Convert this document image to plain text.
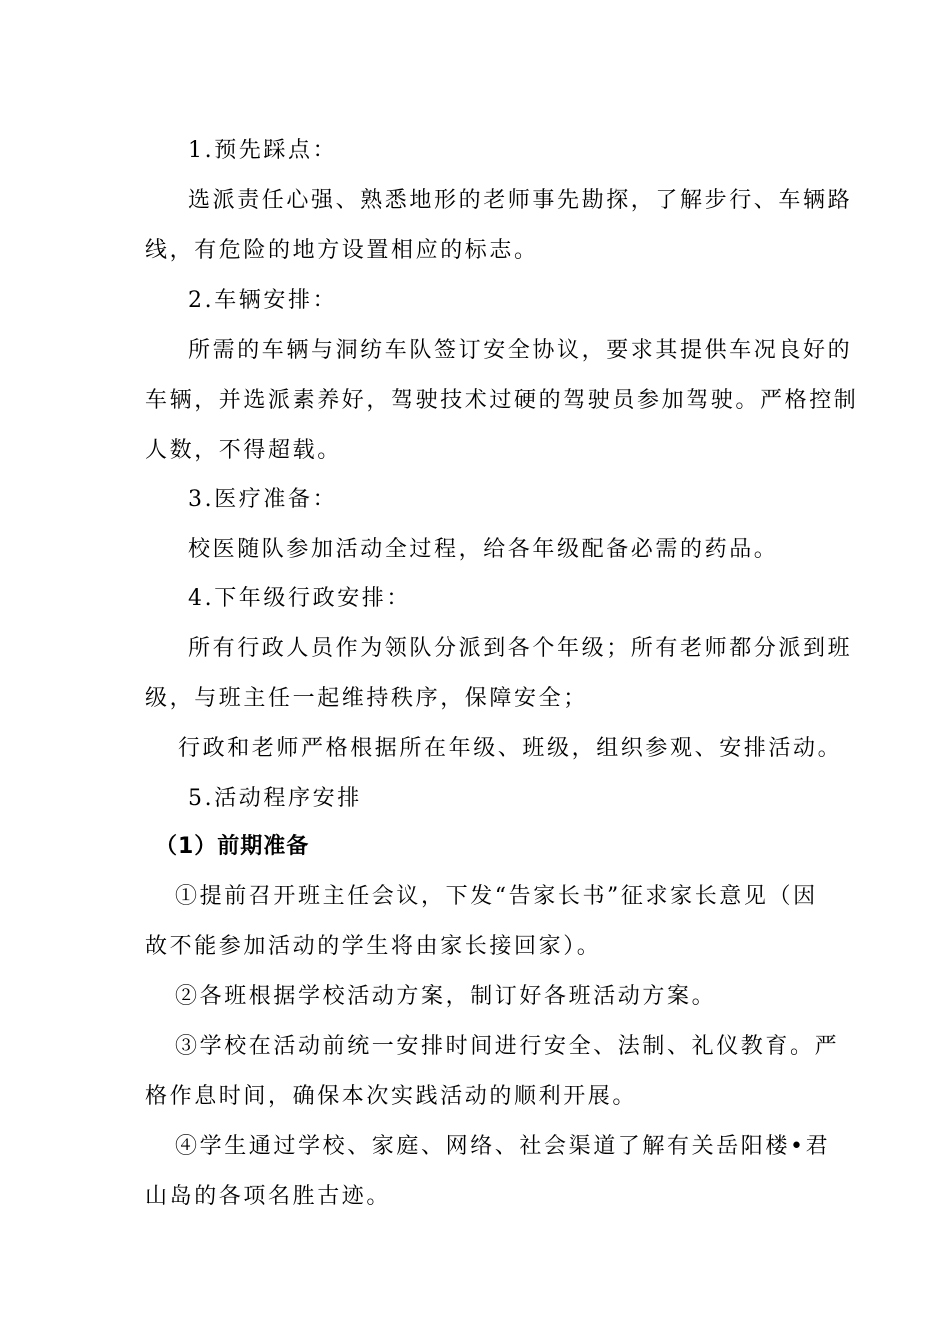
1.预先踩点：
选派责任心强、熟悉地形的老师事先勘探，了解步行、车辆路
线，有危险的地方设置相应的标志。
2.车辆安排：
所需的车辆与洞纺车队签订安全协议，要求其提供车况良好的
车辆，并选派素养好，驾驶技术过硬的驾驶员参加驾驶。严格控制
人数，不得超载。
3.医疗准备：
校医随队参加活动全过程，给各年级配备必需的药品。
4.下年级行政安排：
所有行政人员作为领队分派到各个年级；所有老师都分派到班
级，与班主任一起维持秩序，保障安全；
行政和老师严格根据所在年级、班级，组织参观、安排活动。
5.活动程序安排
（1）前期准备
①提前召开班主任会议，下发“告家长书”征求家长意见（因
故不能参加活动的学生将由家长接回家）。
②各班根据学校活动方案，制订好各班活动方案。
③学校在活动前统一安排时间进行安全、法制、礼仪教育。严
格作息时间，确保本次实践活动的顺利开展。
④学生通过学校、家庭、网络、社会渠道了解有关岳阳楼•君
山岛的各项名胜古迹。
